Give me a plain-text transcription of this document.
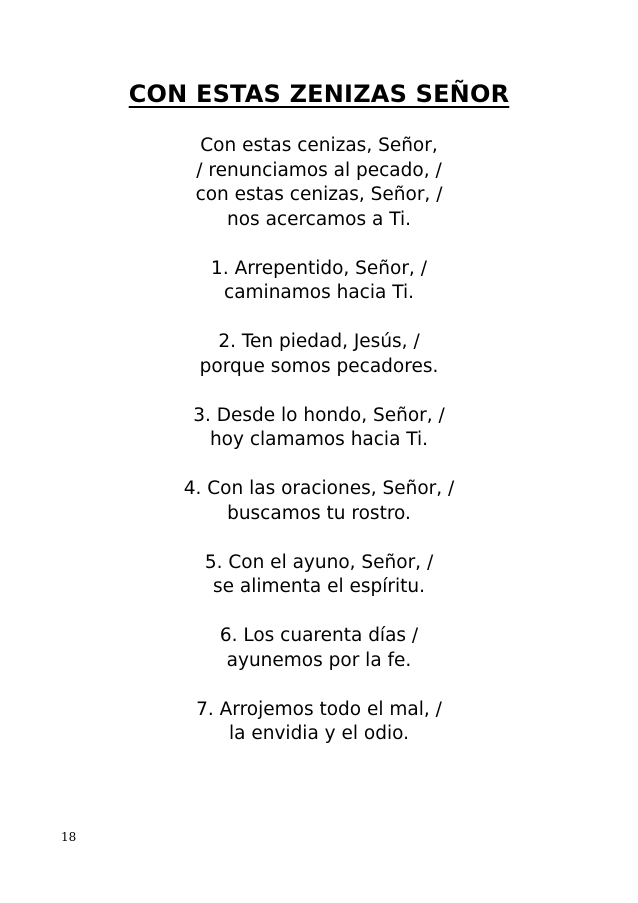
CON ESTAS ZENIZAS SEÑOR
Con estas cenizas, Señor,
/ renunciamos al pecado, /
con estas cenizas, Señor, /
nos acercamos a Ti.
1. Arrepentido, Señor, /
caminamos hacia Ti.
2. Ten piedad, Jesús, /
porque somos pecadores.
3. Desde lo hondo, Señor, /
hoy clamamos hacia Ti.
4. Con las oraciones, Señor, /
buscamos tu rostro.
5. Con el ayuno, Señor, /
se alimenta el espíritu.
6. Los cuarenta días /
ayunemos por la fe.
7. Arrojemos todo el mal, /
la envidia y el odio.
18
